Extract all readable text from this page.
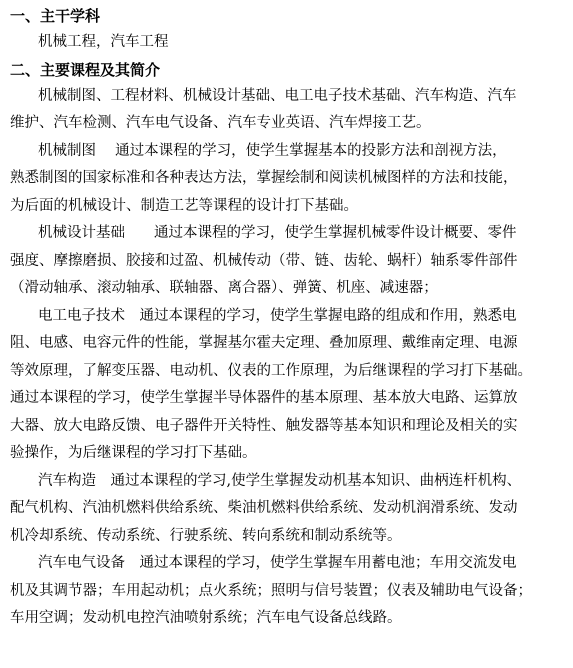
一、主干学科
机械工程，汽车工程
二、主要课程及其简介
机械制图、工程材料、机械设计基础、电工电子技术基础、汽车构造、汽车
维护、汽车检测、汽车电气设备、汽车专业英语、汽车焊接工艺。
机械制图　 通过本课程的学习，使学生掌握基本的投影方法和剖视方法，
熟悉制图的国家标准和各种表达方法，掌握绘制和阅读机械图样的方法和技能，
为后面的机械设计、制造工艺等课程的设计打下基础。
机械设计基础　　通过本课程的学习，使学生掌握机械零件设计概要、零件
强度、摩擦磨损、胶接和过盈、机械传动（带、链、齿轮、蜗杆）轴系零件部件
（滑动轴承、滚动轴承、联轴器、离合器）、弹簧、机座、减速器；
电工电子技术　通过本课程的学习，使学生掌握电路的组成和作用，熟悉电
阻、电感、电容元件的性能，掌握基尔霍夫定理、叠加原理、戴维南定理、电源
等效原理，了解变压器、电动机、仪表的工作原理，为后继课程的学习打下基础。
通过本课程的学习，使学生掌握半导体器件的基本原理、基本放大电路、运算放
大器、放大电路反馈、电子器件开关特性、触发器等基本知识和理论及相关的实
验操作，为后继课程的学习打下基础。
汽车构造　通过本课程的学习,使学生掌握发动机基本知识、曲柄连杆机构、
配气机构、汽油机燃料供给系统、柴油机燃料供给系统、发动机润滑系统、发动
机冷却系统、传动系统、行驶系统、转向系统和制动系统等。
汽车电气设备　通过本课程的学习，使学生掌握车用蓄电池；车用交流发电
机及其调节器；车用起动机；点火系统；照明与信号装置；仪表及辅助电气设备；
车用空调；发动机电控汽油喷射系统；汽车电气设备总线路。
